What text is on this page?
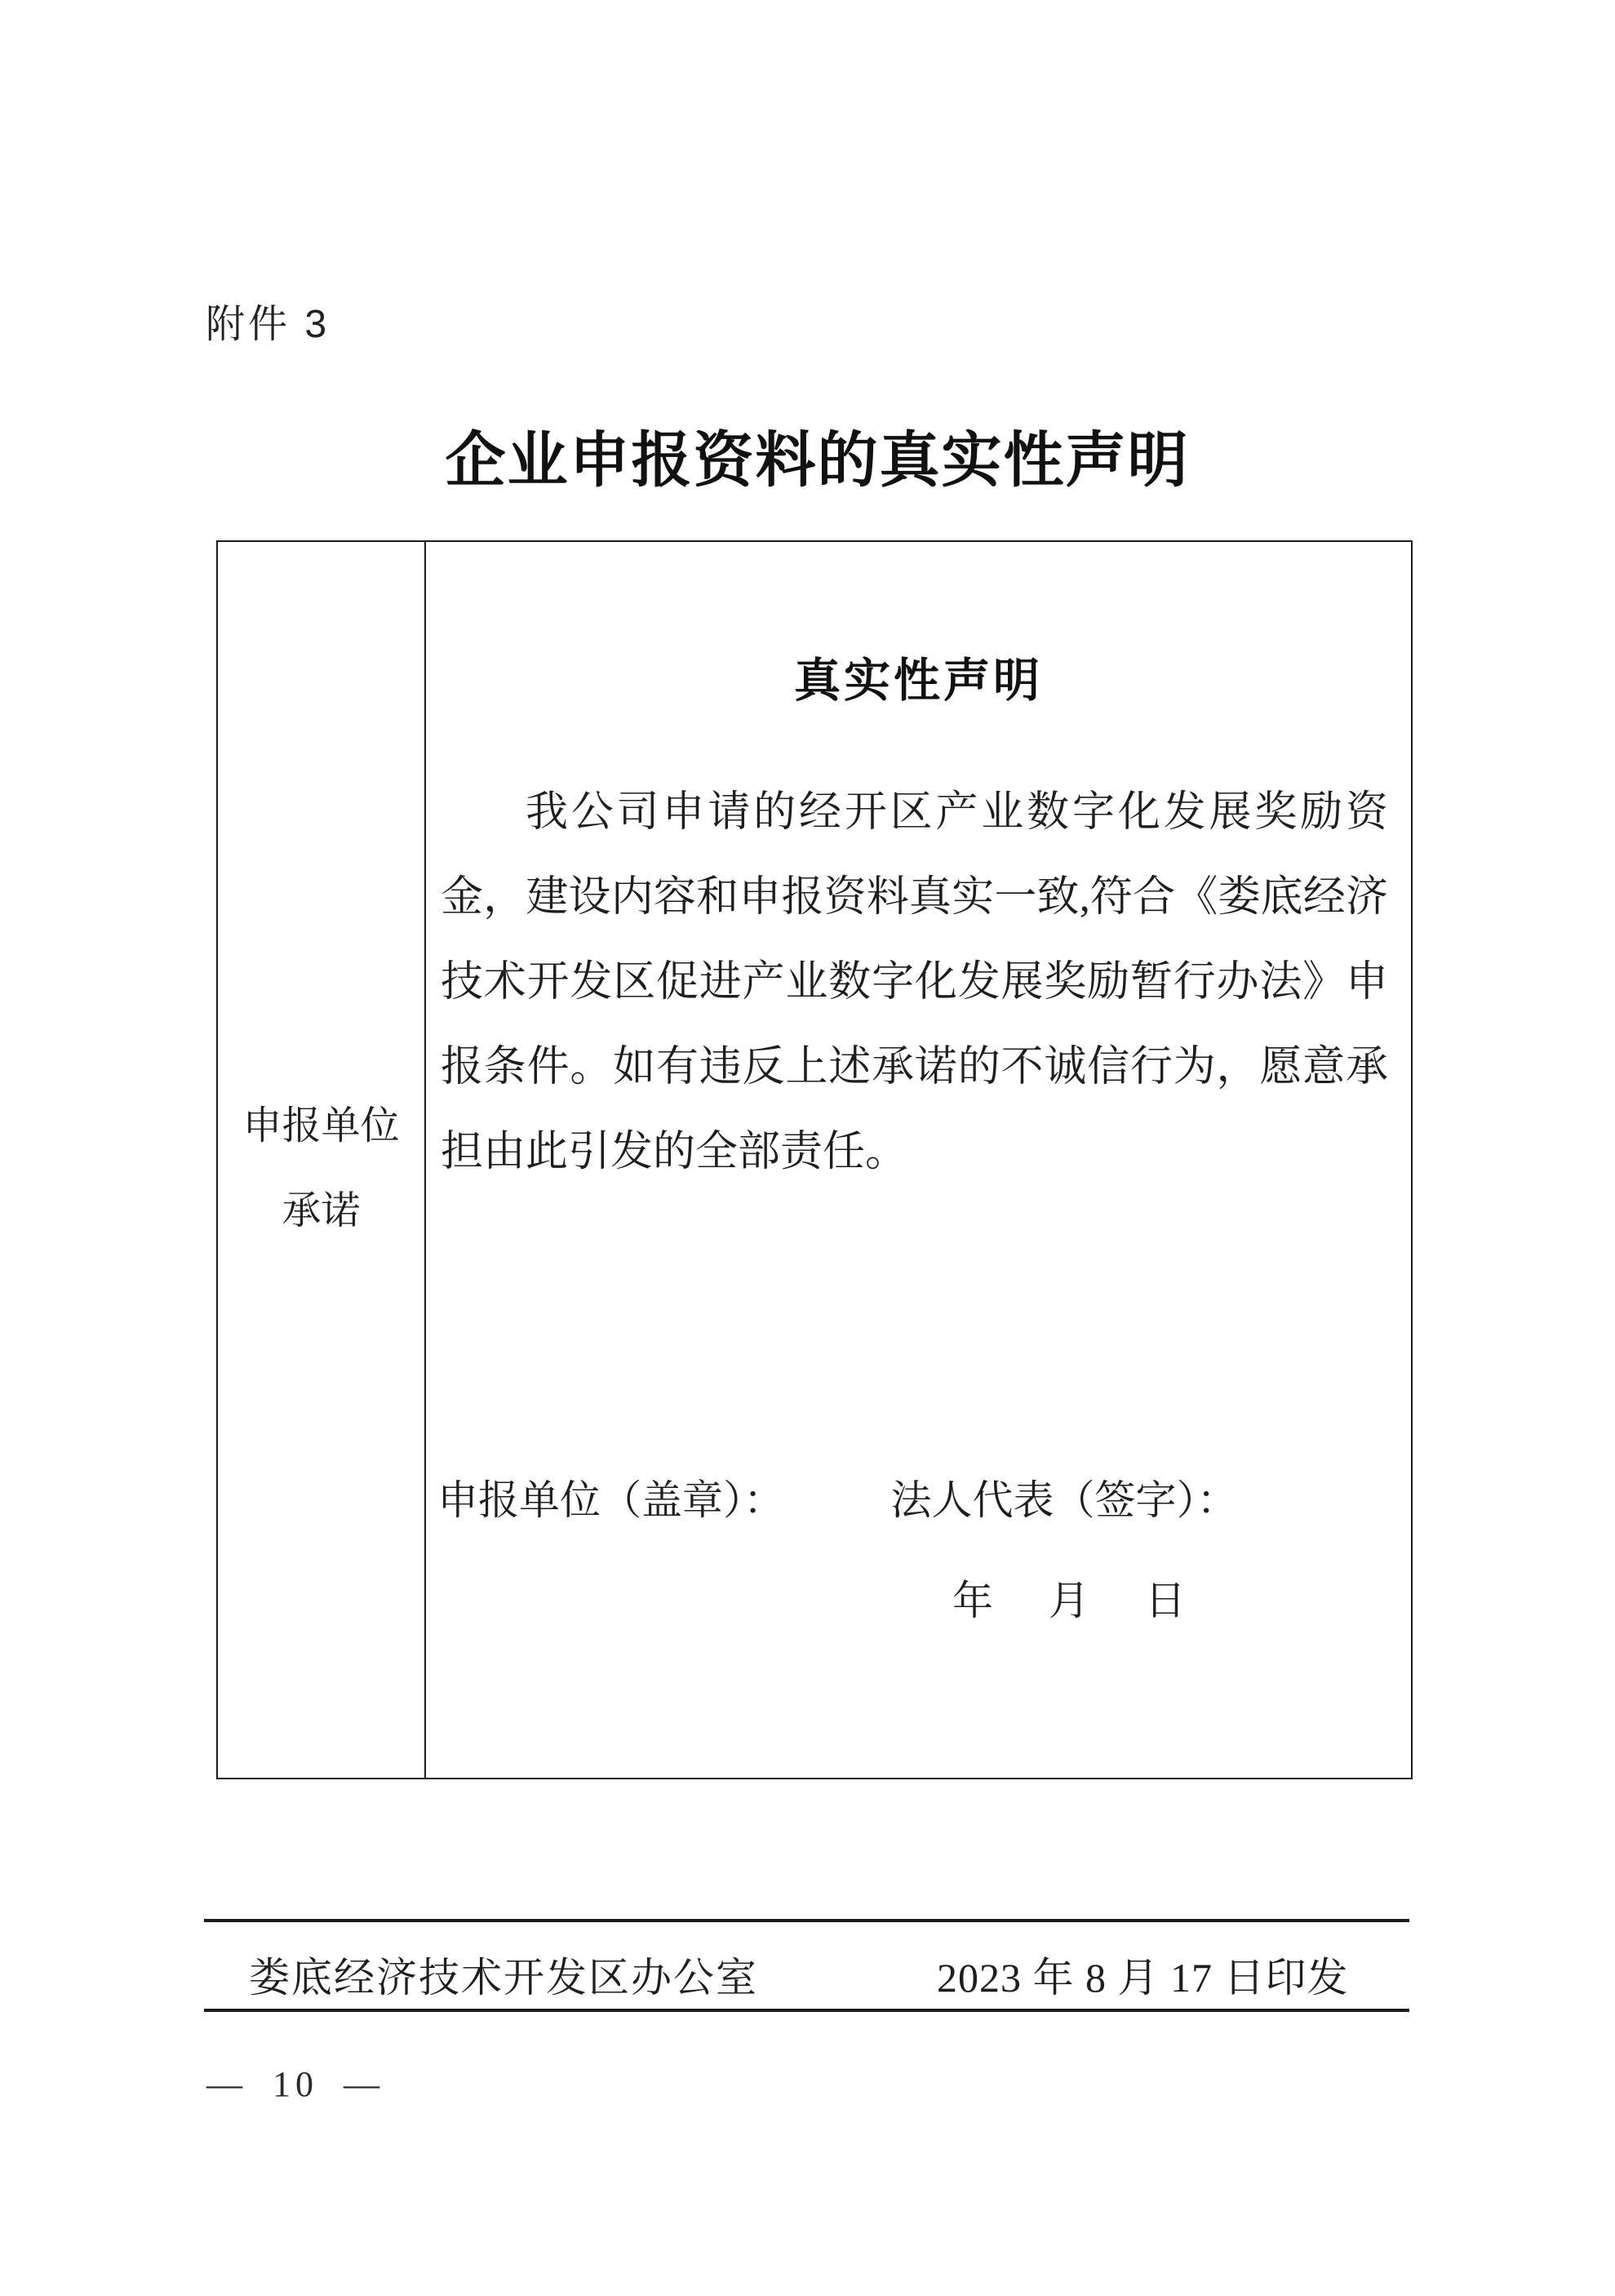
附件 3
企业申报资料的真实性声明
申报单位
承诺
真实性声明
我公司申请的经开区产业数字化发展奖励资
金，建设内容和申报资料真实一致,符合《娄底经济
技术开发区促进产业数字化发展奖励暂行办法》申
报条件。如有违反上述承诺的不诚信行为，愿意承
担由此引发的全部责任。
申报单位（盖章）：	法人代表（签字）：
年　月　日
娄底经济技术开发区办公室	2023 年 8 月 17 日印发
— 10 —
